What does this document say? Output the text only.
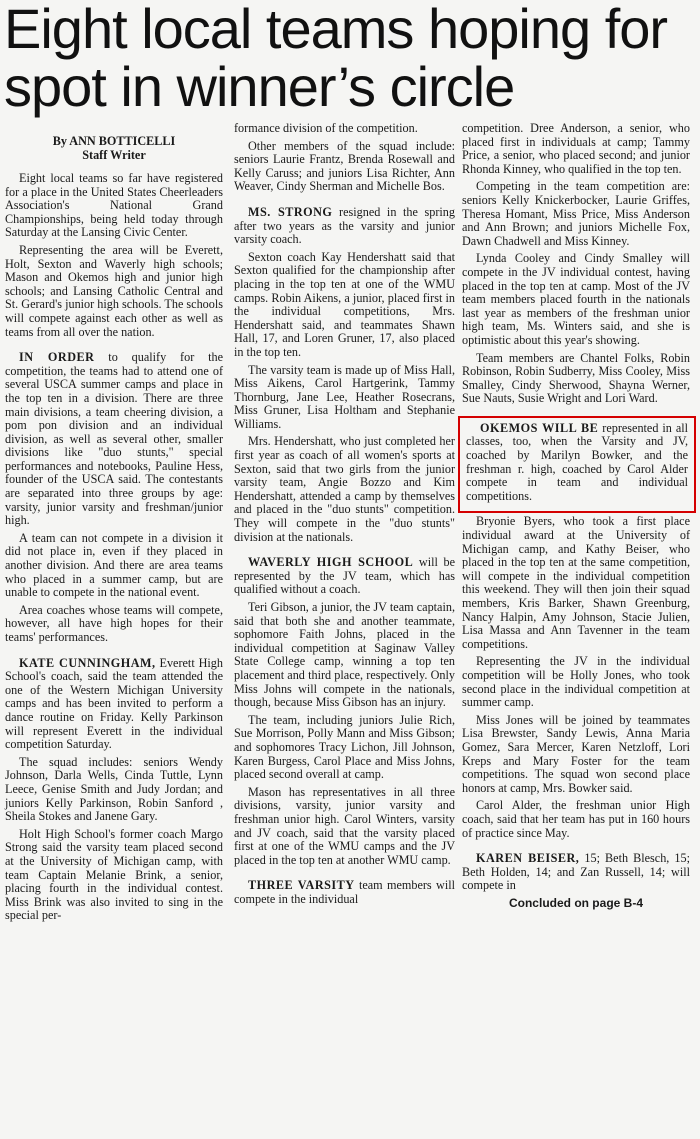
Eight local teams hoping for spot in winner’s circle
By ANN BOTTICELLI
Staff Writer

Eight local teams so far have registered for a place in the United States Cheerleaders Association's National Grand Championships, being held today through Saturday at the Lansing Civic Center.

Representing the area will be Everett, Holt, Sexton and Waverly high schools; Mason and Okemos high and junior high schools; and Lansing Catholic Central and St. Gerard's junior high schools. The schools will compete against each other as well as teams from all over the nation.

IN ORDER to qualify for the competition, the teams had to attend one of several USCA summer camps and place in the top ten in a division. There are three main divisions, a team cheering division, a pom pon division and an individual division, as well as several other, smaller divisions like "duo stunts," special performances and notebooks, Pauline Hess, founder of the USCA said. The contestants are separated into three groups by age: varsity, junior varsity and freshman/junior high.

A team can not compete in a division it did not place in, even if they placed in another division. And there are area teams who placed in a summer camp, but are unable to compete in the national event.

Area coaches whose teams will compete, however, all have high hopes for their teams' performances.

KATE CUNNINGHAM, Everett High School's coach, said the team attended the one of the Western Michigan University camps and has been invited to perform a dance routine on Friday. Kelly Parkinson will represent Everett in the individual competition Saturday.

The squad includes: seniors Wendy Johnson, Darla Wells, Cinda Tuttle, Lynn Leece, Genise Smith and Judy Jordan; and juniors Kelly Parkinson, Robin Sanford , Sheila Stokes and Janene Gary.

Holt High School's former coach Margo Strong said the varsity team placed second at the University of Michigan camp, with team Captain Melanie Brink, a senior, placing fourth in the individual contest. Miss Brink was also invited to sing in the special per-

formance division of the competition.

Other members of the squad include: seniors Laurie Frantz, Brenda Rosewall and Kelly Caruss; and juniors Lisa Richter, Ann Weaver, Cindy Sherman and Michelle Bos.

MS. STRONG resigned in the spring after two years as the varsity and junior varsity coach.

Sexton coach Kay Hendershatt said that Sexton qualified for the championship after placing in the top ten at one of the WMU camps. Robin Aikens, a junior, placed first in the individual competitions, Mrs. Hendershatt said, and teammates Shawn Hall, 17, and Loren Gruner, 17, also placed in the top ten.

The varsity team is made up of Miss Hall, Miss Aikens, Carol Hartgerink, Tammy Thornburg, Jane Lee, Heather Rosecrans, Miss Gruner, Lisa Holtham and Stephanie Williams.

Mrs. Hendershatt, who just completed her first year as coach of all women's sports at Sexton, said that two girls from the junior varsity team, Angie Bozzo and Kim Hendershatt, attended a camp by themselves and placed in the "duo stunts" competition. They will compete in the "duo stunts" division at the nationals.

WAVERLY HIGH SCHOOL will be represented by the JV team, which has qualified without a coach.

Teri Gibson, a junior, the JV team captain, said that both she and another teammate, sophomore Faith Johns, placed in the individual competition at Saginaw Valley State College camp, winning a top ten placement and third place, respectively. Only Miss Johns will compete in the nationals, though, because Miss Gibson has an injury.

The team, including juniors Julie Rich, Sue Morrison, Polly Mann and Miss Gibson; and sophomores Tracy Lichon, Jill Johnson, Karen Burgess, Carol Place and Miss Johns, placed second overall at camp.

Mason has representatives in all three divisions, varsity, junior varsity and freshman unior high. Carol Winters, varsity and JV coach, said that the varsity placed first at one of the WMU camps and the JV placed in the top ten at another WMU camp.

THREE VARSITY team members will compete in the individual

competition. Dree Anderson, a senior, who placed first in individuals at camp; Tammy Price, a senior, who placed second; and junior Rhonda Kinney, who qualified in the top ten.

Competing in the team competition are: seniors Kelly Knickerbocker, Laurie Griffes, Theresa Homant, Miss Price, Miss Anderson and Ann Brown; and juniors Michelle Fox, Dawn Chadwell and Miss Kinney.

Lynda Cooley and Cindy Smalley will compete in the JV individual contest, having placed in the top ten at camp. Most of the JV team members placed fourth in the nationals last year as members of the freshman unior high team, Ms. Winters said, and she is optimistic about this year's showing.

Team members are Chantel Folks, Robin Robinson, Robin Sudberry, Miss Cooley, Miss Smalley, Cindy Sherwood, Shayna Werner, Sue Nauts, Susie Wright and Lori Ward.

OKEMOS WILL BE represented in all classes, too, when the Varsity and JV, coached by Marilyn Bowker, and the freshman r. high, coached by Carol Alder compete in team and individual competitions.

Bryonie Byers, who took a first place individual award at the University of Michigan camp, and Kathy Beiser, who placed in the top ten at the same competition, will compete in the individual competition this weekend. They will then join their squad members, Kris Barker, Shawn Greenburg, Nancy Halpin, Amy Johnson, Stacie Julien, Lisa Massa and Ann Tavenner in the team competitions.

Representing the JV in the individual competition will be Holly Jones, who took second place in the individual competition at summer camp.

Miss Jones will be joined by teammates Lisa Brewster, Sandy Lewis, Anna Maria Gomez, Sara Mercer, Karen Netzloff, Lori Kreps and Mary Foster for the team competitions. The squad won second place honors at camp, Mrs. Bowker said.

Carol Alder, the freshman unior High coach, said that her team has put in 160 hours of practice since May.

KAREN BEISER, 15; Beth Blesch, 15; Beth Holden, 14; and Zan Russell, 14; will compete in

Concluded on page B-4
